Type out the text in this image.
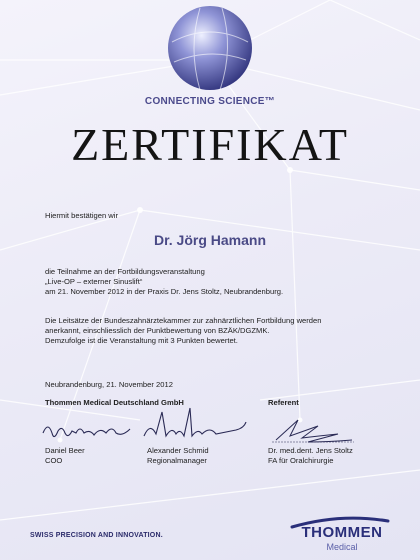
CONNECTING SCIENCE™
ZERTIFIKAT
Hiermit bestätigen wir
Dr. Jörg Hamann
die Teilnahme an der Fortbildungsveranstaltung
„Live-OP – externer Sinuslift“
am 21. November 2012 in der Praxis Dr. Jens Stoltz, Neubrandenburg.
Die Leitsätze der Bundeszahnärztekammer zur zahnärztlichen Fortbildung werden
anerkannt, einschliesslich der Punktbewertung von BZÄK/DGZMK.
Demzufolge ist die Veranstaltung mit 3 Punkten bewertet.
Neubrandenburg, 21. November 2012
Thommen Medical Deutschland GmbH	Referent
Daniel Beer
COO
Alexander Schmid
Regionalmanager
Dr. med.dent. Jens Stoltz
FA für Oralchirurgie
SWISS PRECISION AND INNOVATION.	THOMMEN
Medical
